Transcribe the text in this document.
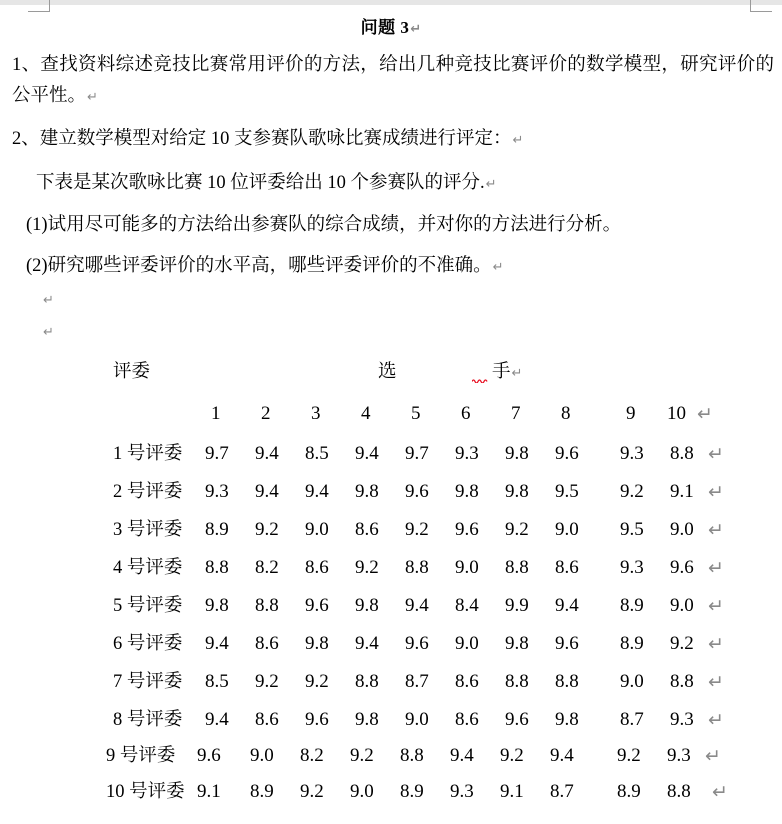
问题 3↵

1、查找资料综述竞技比赛常用评价的方法，给出几种竞技比赛评价的数学模型，研究评价的公平性。↵

2、建立数学模型对给定 10 支参赛队歌咏比赛成绩进行评定：↵

下表是某次歌咏比赛 10 位评委给出 10 个参赛队的评分.↵

(1)试用尽可能多的方法给出参赛队的综合成绩，并对你的方法进行分析。

(2)研究哪些评委评价的水平高，哪些评委评价的不准确。↵

↵
↵
评委	选	手↵
1 2 3 4 5 6 7 8	9 10 ↵
1 号评委 9.7 9.4 8.5 9.4 9.7 9.3 9.8 9.6 9.3 8.8 ↵
2 号评委 9.3 9.4 9.4 9.8 9.6 9.8 9.8 9.5 9.2 9.1 ↵
3 号评委 8.9 9.2 9.0 8.6 9.2 9.6 9.2 9.0 9.5 9.0 ↵
4 号评委 8.8 8.2 8.6 9.2 8.8 9.0 8.8 8.6 9.3 9.6 ↵
5 号评委 9.8 8.8 9.6 9.8 9.4 8.4 9.9 9.4 8.9 9.0 ↵
6 号评委 9.4 8.6 9.8 9.4 9.6 9.0 9.8 9.6 8.9 9.2 ↵
7 号评委 8.5 9.2 9.2 8.8 8.7 8.6 8.8 8.8 9.0 8.8 ↵
8 号评委 9.4 8.6 9.6 9.8 9.0 8.6 9.6 9.8 8.7 9.3 ↵
9 号评委 9.6 9.0 8.2 9.2 8.8 9.4 9.2 9.4 9.2 9.3 ↵
10 号评委 9.1 8.9 9.2 9.0 8.9 9.3 9.1 8.7 8.9 8.8 ↵
